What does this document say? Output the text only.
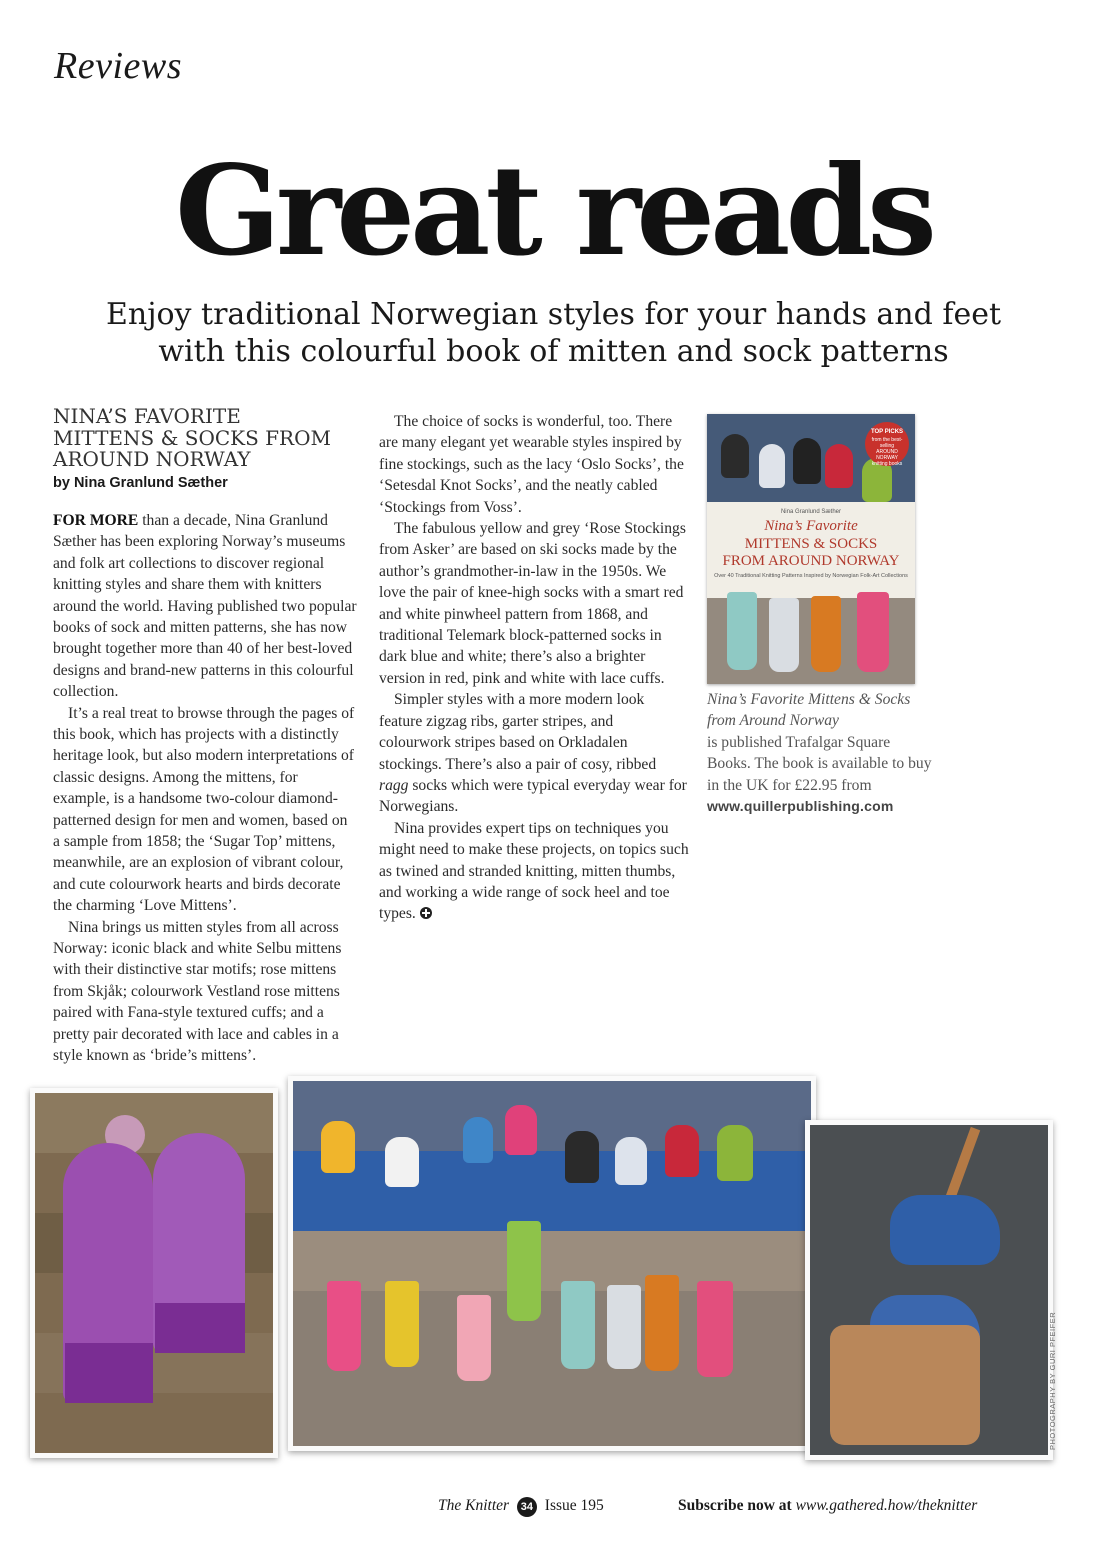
Reviews
Great reads
Enjoy traditional Norwegian styles for your hands and feet
with this colourful book of mitten and sock patterns
NINA’S FAVORITE
MITTENS & SOCKS FROM
AROUND NORWAY
by Nina Granlund Sæther

FOR MORE than a decade, Nina Granlund Sæther has been exploring Norway’s museums and folk art collections to discover regional knitting styles and share them with knitters around the world. Having published two popular books of sock and mitten patterns, she has now brought together more than 40 of her best-loved designs and brand-new patterns in this colourful collection.

It’s a real treat to browse through the pages of this book, which has projects with a distinctly heritage look, but also modern interpretations of classic designs. Among the mittens, for example, is a handsome two-colour diamond-patterned design for men and women, based on a sample from 1858; the ‘Sugar Top’ mittens, meanwhile, are an explosion of vibrant colour, and cute colourwork hearts and birds decorate the charming ‘Love Mittens’.

Nina brings us mitten styles from all across Norway: iconic black and white Selbu mittens with their distinctive star motifs; rose mittens from Skjåk; colourwork Vestland rose mittens paired with Fana-style textured cuffs; and a pretty pair decorated with lace and cables in a style known as ‘bride’s mittens’.

The choice of socks is wonderful, too. There are many elegant yet wearable styles inspired by fine stockings, such as the lacy ‘Oslo Socks’, the ‘Setesdal Knot Socks’, and the neatly cabled ‘Stockings from Voss’.

The fabulous yellow and grey ‘Rose Stockings from Asker’ are based on ski socks made by the author’s grandmother-in-law in the 1950s. We love the pair of knee-high socks with a smart red and white pinwheel pattern from 1868, and traditional Telemark block-patterned socks in dark blue and white; there’s also a brighter version in red, pink and white with lace cuffs.

Simpler styles with a more modern look feature zigzag ribs, garter stripes, and colourwork stripes based on Orkladalen stockings. There’s also a pair of cosy, ribbed ragg socks which were typical everyday wear for Norwegians.

Nina provides expert tips on techniques you might need to make these projects, on topics such as twined and stranded knitting, mitten thumbs, and working a wide range of sock heel and toe types.

TOP PICKS
from the best-selling AROUND NORWAY knitting books
Nina Granlund Sæther
Nina’s Favorite
MITTENS & SOCKS
FROM AROUND NORWAY
Over 40 Traditional Knitting Patterns Inspired by Norwegian Folk-Art Collections
Nina’s Favorite Mittens & Socks from Around Norway
is published Trafalgar Square Books. The book is available to buy in the UK for £22.95 from
www.quillerpublishing.com
PHOTOGRAPHY BY GURI PFEIFER
The Knitter 34 Issue 195	Subscribe now at www.gathered.how/theknitter
